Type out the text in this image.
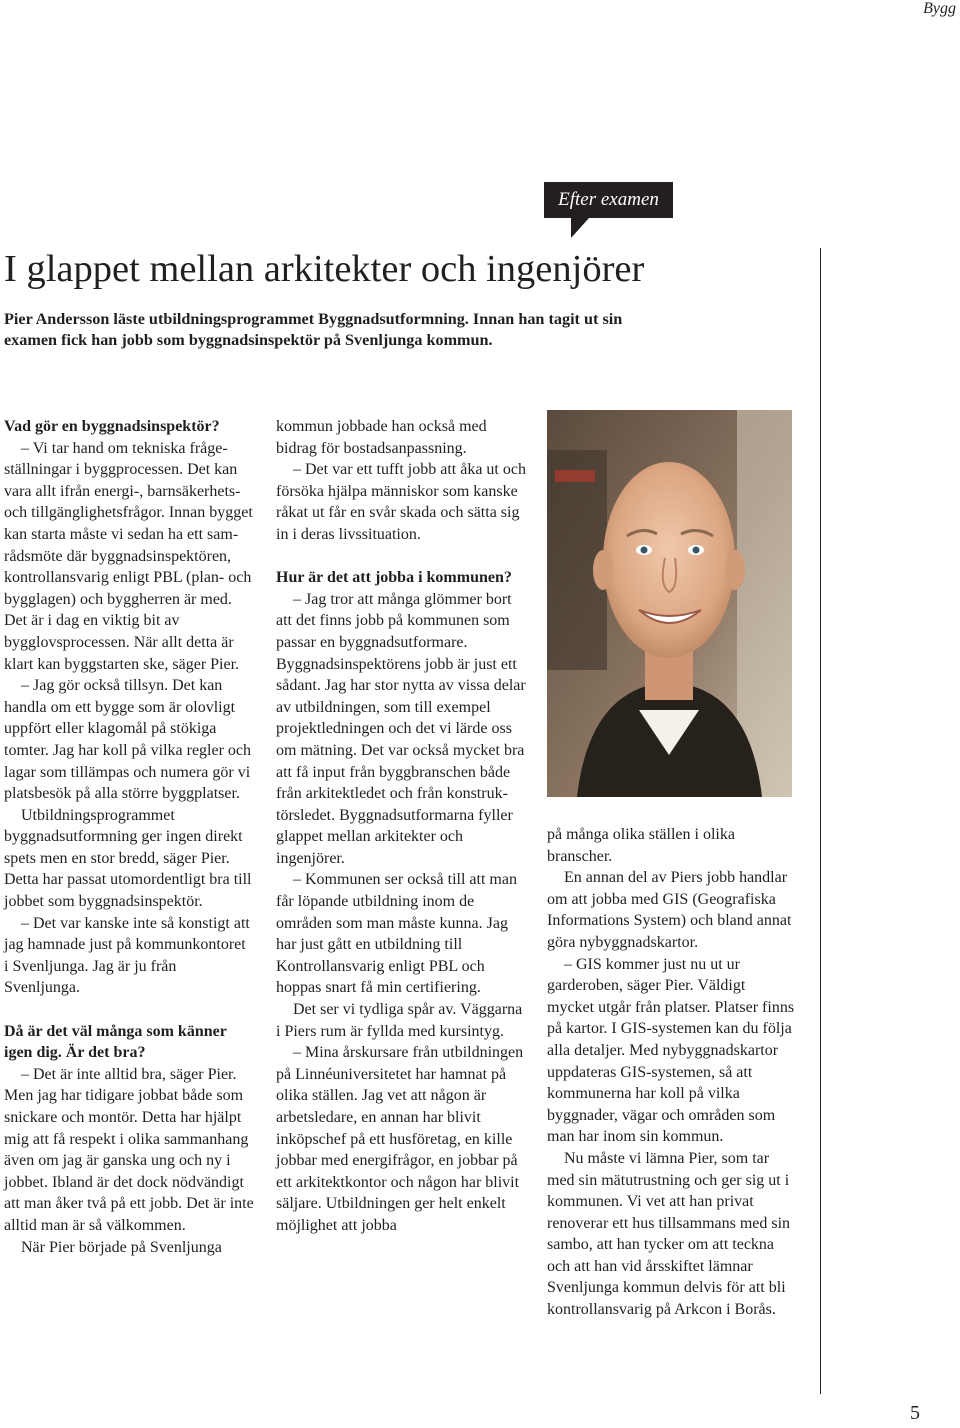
Bygg
Efter examen
I glappet mellan arkitekter och ingenjörer

Pier Andersson läste utbildningsprogrammet Byggnadsutformning. Innan han tagit ut sin examen fick han jobb som byggnadsinspektör på Svenljunga kommun.

Vad gör en byggnadsinspektör?

– Vi tar hand om tekniska frågeställningar i byggprocessen. Det kan vara allt ifrån energi-, barnsäkerhets- och tillgänglighetsfrågor. Innan bygget kan starta måste vi sedan ha ett samrådsmöte där byggnadsinspektören, kontrollansvarig enligt PBL (plan- och bygglagen) och byggherren är med. Det är i dag en viktig bit av bygglovsprocessen. När allt detta är klart kan byggstarten ske, säger Pier.

– Jag gör också tillsyn. Det kan handla om ett bygge som är olovligt uppfört eller klagomål på stökiga tomter. Jag har koll på vilka regler och lagar som tillämpas och numera gör vi platsbesök på alla större byggplatser.

Utbildningsprogrammet byggnadsutformning ger ingen direkt spets men en stor bredd, säger Pier. Detta har passat utomordentligt bra till jobbet som byggnadsinspektör.

– Det var kanske inte så konstigt att jag hamnade just på kommunkontoret i Svenljunga. Jag är ju från Svenljunga.

Då är det väl många som känner igen dig. Är det bra?

– Det är inte alltid bra, säger Pier. Men jag har tidigare jobbat både som snickare och montör. Detta har hjälpt mig att få respekt i olika sammanhang även om jag är ganska ung och ny i jobbet. Ibland är det dock nödvändigt att man åker två på ett jobb. Det är inte alltid man är så välkommen.

När Pier började på Svenljunga

kommun jobbade han också med bidrag för bostadsanpassning.

– Det var ett tufft jobb att åka ut och försöka hjälpa människor som kanske råkat ut får en svår skada och sätta sig in i deras livssituation.

Hur är det att jobba i kommunen?

– Jag tror att många glömmer bort att det finns jobb på kommunen som passar en byggnadsutformare. Byggnadsinspektörens jobb är just ett sådant. Jag har stor nytta av vissa delar av utbildningen, som till exempel projektledningen och det vi lärde oss om mätning. Det var också mycket bra att få input från byggbranschen både från arkitektledet och från konstruktörsledet. Byggnadsutformarna fyller glappet mellan arkitekter och ingenjörer.

– Kommunen ser också till att man får löpande utbildning inom de områden som man måste kunna. Jag har just gått en utbildning till Kontrollansvarig enligt PBL och hoppas snart få min certifiering.

Det ser vi tydliga spår av. Väggarna i Piers rum är fyllda med kursintyg.

– Mina årskursare från utbildningen på Linnéuniversitetet har hamnat på olika ställen. Jag vet att någon är arbetsledare, en annan har blivit inköpschef på ett husföretag, en kille jobbar med energifrågor, en jobbar på ett arkitektkontor och någon har blivit säljare. Utbildningen ger helt enkelt möjlighet att jobba

på många olika ställen i olika branscher.

En annan del av Piers jobb handlar om att jobba med GIS (Geografiska Informations System) och bland annat göra nybyggnadskartor.

– GIS kommer just nu ut ur garderoben, säger Pier. Väldigt mycket utgår från platser. Platser finns på kartor. I GIS-systemen kan du följa alla detaljer. Med nybyggnadskartor uppdateras GIS-systemen, så att kommunerna har koll på vilka byggnader, vägar och områden som man har inom sin kommun.

Nu måste vi lämna Pier, som tar med sin mätutrustning och ger sig ut i kommunen. Vi vet att han privat renoverar ett hus tillsammans med sin sambo, att han tycker om att teckna och att han vid årsskiftet lämnar Svenljunga kommun delvis för att bli kontrollansvarig på Arkcon i Borås.

5
